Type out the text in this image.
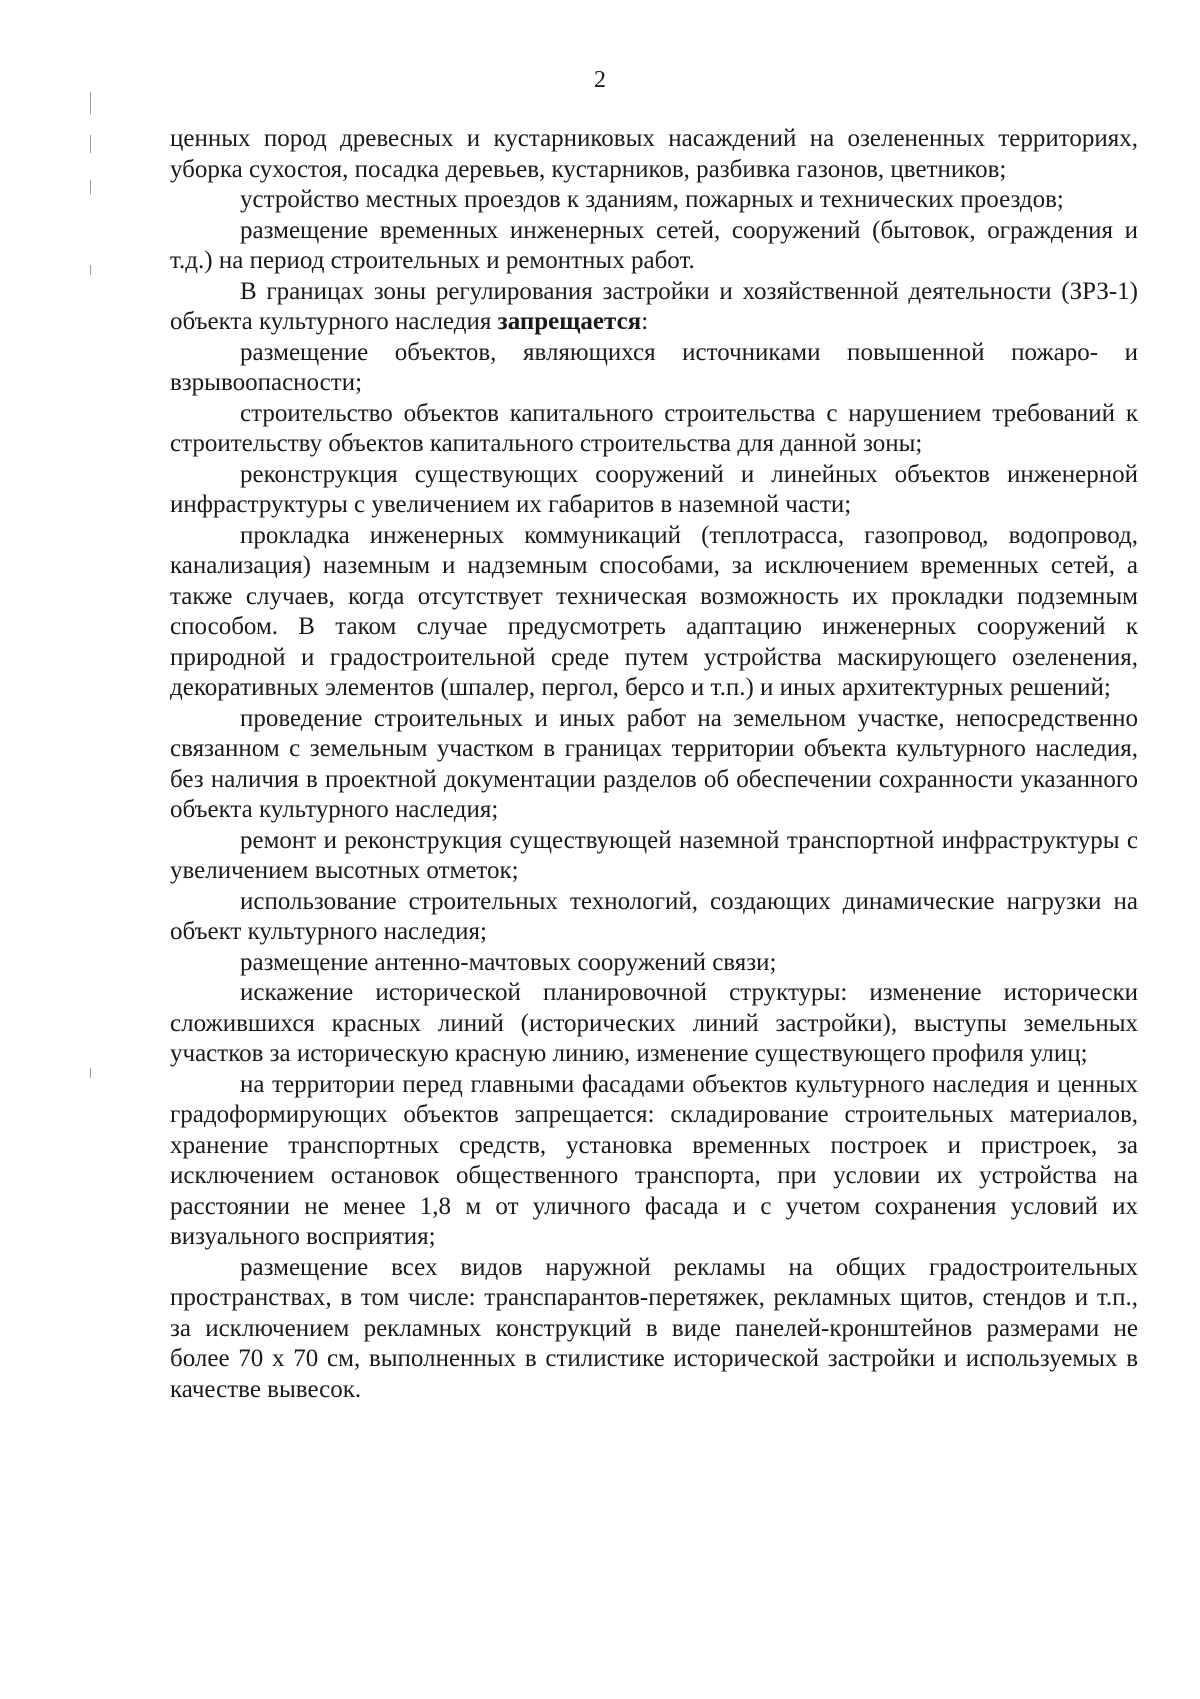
2

ценных пород древесных и кустарниковых насаждений на озелененных территориях, уборка сухостоя, посадка деревьев, кустарников, разбивка газонов, цветников;

устройство местных проездов к зданиям, пожарных и технических проездов;

размещение временных инженерных сетей, сооружений (бытовок, ограждения и т.д.) на период строительных и ремонтных работ.

В границах зоны регулирования застройки и хозяйственной деятельности (ЗРЗ-1) объекта культурного наследия запрещается:

размещение объектов, являющихся источниками повышенной пожаро- и взрывоопасности;

строительство объектов капитального строительства с нарушением требований к строительству объектов капитального строительства для данной зоны;

реконструкция существующих сооружений и линейных объектов инженерной инфраструктуры с увеличением их габаритов в наземной части;

прокладка инженерных коммуникаций (теплотрасса, газопровод, водопровод, канализация) наземным и надземным способами, за исключением временных сетей, а также случаев, когда отсутствует техническая возможность их прокладки подземным способом. В таком случае предусмотреть адаптацию инженерных сооружений к природной и градостроительной среде путем устройства маскирующего озеленения, декоративных элементов (шпалер, пергол, берсо и т.п.) и иных архитектурных решений;

проведение строительных и иных работ на земельном участке, непосредственно связанном с земельным участком в границах территории объекта культурного наследия, без наличия в проектной документации разделов об обеспечении сохранности указанного объекта культурного наследия;

ремонт и реконструкция существующей наземной транспортной инфраструктуры с увеличением высотных отметок;

использование строительных технологий, создающих динамические нагрузки на объект культурного наследия;

размещение антенно-мачтовых сооружений связи;

искажение исторической планировочной структуры: изменение исторически сложившихся красных линий (исторических линий застройки), выступы земельных участков за историческую красную линию, изменение существующего профиля улиц;

на территории перед главными фасадами объектов культурного наследия и ценных градоформирующих объектов запрещается: складирование строительных материалов, хранение транспортных средств, установка временных построек и пристроек, за исключением остановок общественного транспорта, при условии их устройства на расстоянии не менее 1,8 м от уличного фасада и с учетом сохранения условий их визуального восприятия;

размещение всех видов наружной рекламы на общих градостроительных пространствах, в том числе: транспарантов-перетяжек, рекламных щитов, стендов и т.п., за исключением рекламных конструкций в виде панелей-кронштейнов размерами не более 70 х 70 см, выполненных в стилистике исторической застройки и используемых в качестве вывесок.
